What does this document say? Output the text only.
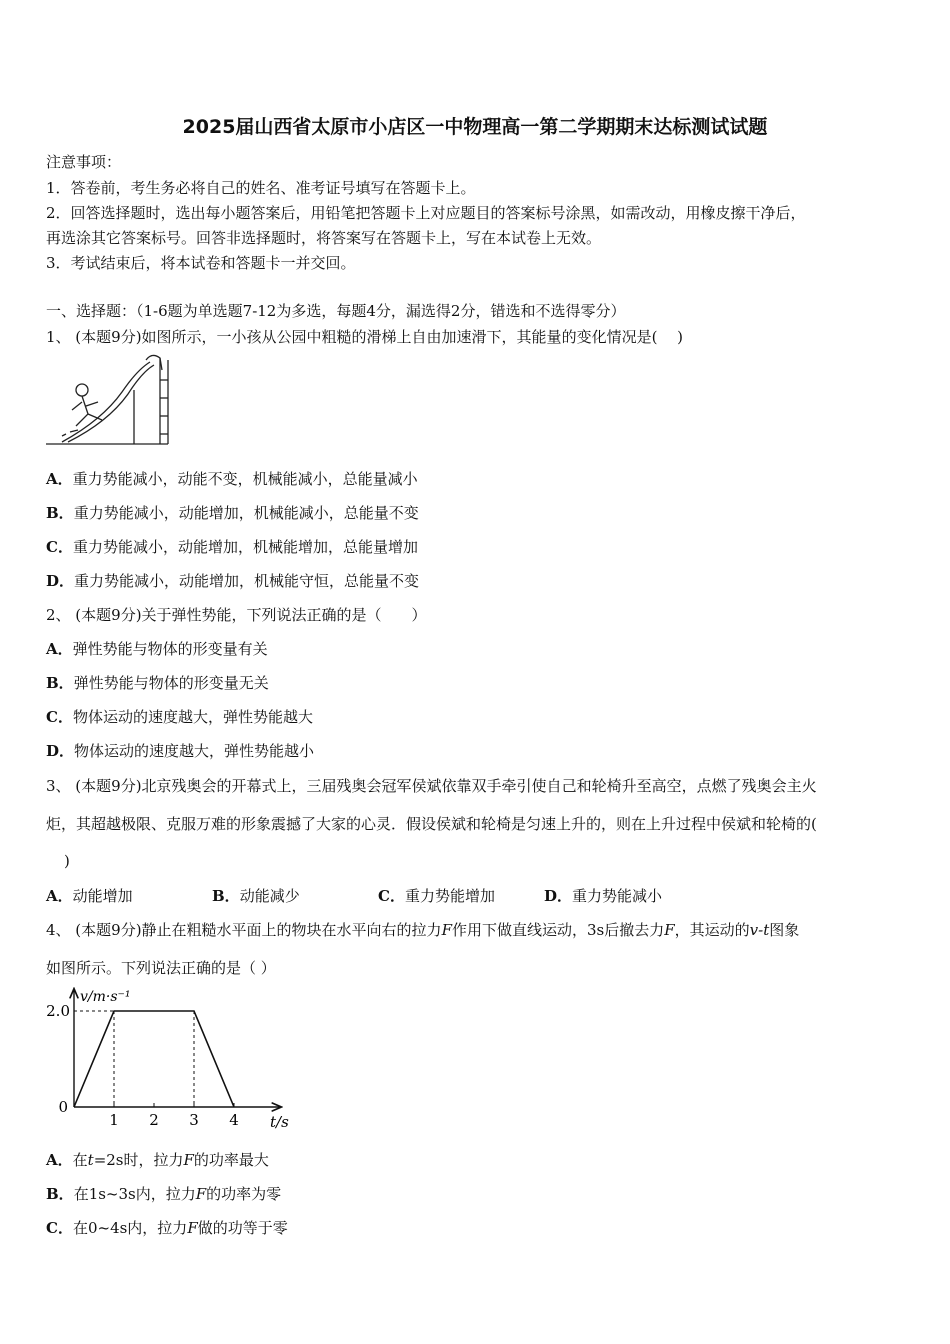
2025届山西省太原市小店区一中物理高一第二学期期末达标测试试题
注意事项：
1．答卷前，考生务必将自己的姓名、准考证号填写在答题卡上。
2．回答选择题时，选出每小题答案后，用铅笔把答题卡上对应题目的答案标号涂黑，如需改动，用橡皮擦干净后，
再选涂其它答案标号。回答非选择题时，将答案写在答题卡上，写在本试卷上无效。
3．考试结束后，将本试卷和答题卡一并交回。
一、选择题：（1-6题为单选题7-12为多选，每题4分，漏选得2分，错选和不选得零分）
1、 (本题9分)如图所示，一小孩从公园中粗糙的滑梯上自由加速滑下，其能量的变化情况是(　 )
A．重力势能减小，动能不变，机械能减小，总能量减小
B．重力势能减小，动能增加，机械能减小，总能量不变
C．重力势能减小，动能增加，机械能增加，总能量增加
D．重力势能减小，动能增加，机械能守恒，总能量不变
2、 (本题9分)关于弹性势能，下列说法正确的是（　　）
A．弹性势能与物体的形变量有关
B．弹性势能与物体的形变量无关
C．物体运动的速度越大，弹性势能越大
D．物体运动的速度越大，弹性势能越小
3、 (本题9分)北京残奥会的开幕式上，三届残奥会冠军侯斌依靠双手牵引使自己和轮椅升至高空，点燃了残奥会主火
炬，其超越极限、克服万难的形象震撼了大家的心灵．假设侯斌和轮椅是匀速上升的，则在上升过程中侯斌和轮椅的(
)
A． 动能增加	B． 动能减少	C． 重力势能增加	D． 重力势能减小
4、 (本题9分)静止在粗糙水平面上的物块在水平向右的拉力F作用下做直线运动，3s后撤去力F，其运动的v-t图象
如图所示。下列说法正确的是（ ）
1 2 3 4
2.0
0
v/m·s⁻¹
t/s
A．在t=2s时，拉力F的功率最大
B．在1s~3s内，拉力F的功率为零
C．在0~4s内，拉力F做的功等于零
